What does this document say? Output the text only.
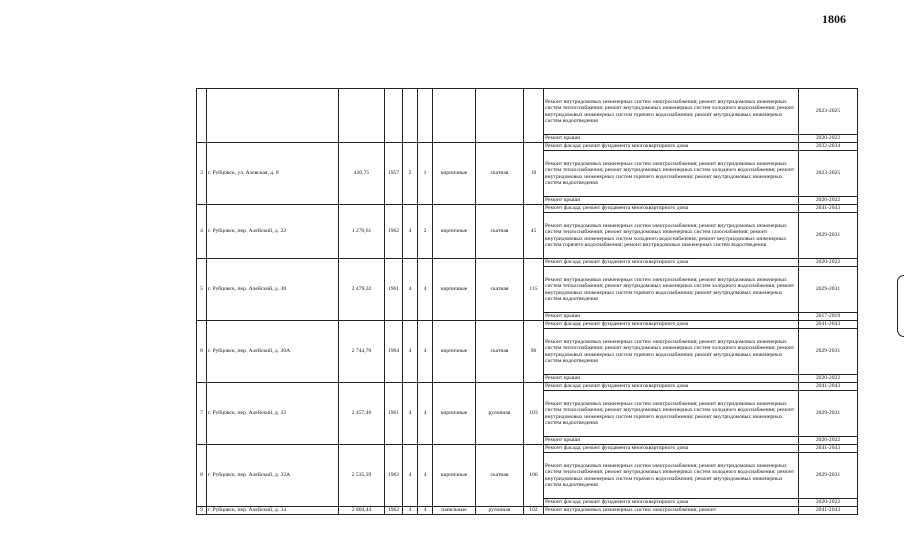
1806
									Ремонт внутридомовых инженерных систем электроснабжения; ремонт внутридомовых инженерных систем теплоснабжения; ремонт внутридомовых инженерных систем холодного водоснабжения; ремонт внутридомовых инженерных систем горячего водоснабжения; ремонт внутридомовых инженерных систем водоотведения	2023-2025
									Ремонт крыши	2020-2022
3	г. Рубцовск, ул. Азовская, д. 8	430,75	1957	2	1	кирпичные	скатная	10	Ремонт фасада; ремонт фундамента многоквартирного дома	2032-2034
									Ремонт внутридомовых инженерных систем электроснабжения; ремонт внутридомовых инженерных систем теплоснабжения; ремонт внутридомовых инженерных систем холодного водоснабжения; ремонт внутридомовых инженерных систем горячего водоснабжения; ремонт внутридомовых инженерных систем водоотведения	2023-2025
									Ремонт крыши	2020-2022
4	г. Рубцовск, пер. Алейский, д. 22	1 270,61	1962	4	2	кирпичные	скатная	45	Ремонт фасада; ремонт фундамента многоквартирного дома	2041-2043
									Ремонт внутридомовых инженерных систем электроснабжения; ремонт внутридомовых инженерных систем теплоснабжения; ремонт внутридомовых инженерных систем газоснабжения; ремонт внутридомовых инженерных систем холодного водоснабжения; ремонт внутридомовых инженерных систем горячего водоснабжения; ремонт внутридомовых инженерных систем водоотведения	2029-2031
5	г. Рубцовск, пер. Алейский, д. 30	2 479,32	1961	4	4	кирпичные	скатная	115	Ремонт фасада; ремонт фундамента многоквартирного дома	2020-2022
									Ремонт внутридомовых инженерных систем электроснабжения; ремонт внутридомовых инженерных систем теплоснабжения; ремонт внутридомовых инженерных систем холодного водоснабжения; ремонт внутридомовых инженерных систем горячего водоснабжения; ремонт внутридомовых инженерных систем водоотведения	2029-2031
									Ремонт крыши	2017-2019
6	г. Рубцовск, пер. Алейский, д. 30А	2 744,70	1964	4	4	кирпичные	скатная	96	Ремонт фасада; ремонт фундамента многоквартирного дома	2041-2043
									Ремонт внутридомовых инженерных систем электроснабжения; ремонт внутридомовых инженерных систем теплоснабжения; ремонт внутридомовых инженерных систем холодного водоснабжения; ремонт внутридомовых инженерных систем горячего водоснабжения; ремонт внутридомовых инженерных систем водоотведения	2029-2031
									Ремонт крыши	2020-2022
7	г. Рубцовск, пер. Алейский, д. 32	2 457,46	1961	4	4	кирпичные	рулонная	103	Ремонт фасада; ремонт фундамента многоквартирного дома	2041-2043
									Ремонт внутридомовых инженерных систем электроснабжения; ремонт внутридомовых инженерных систем теплоснабжения; ремонт внутридомовых инженерных систем холодного водоснабжения; ремонт внутридомовых инженерных систем горячего водоснабжения; ремонт внутридомовых инженерных систем водоотведения	2029-2031
									Ремонт крыши	2020-2022
8	г. Рубцовск, пер. Алейский, д. 32А	2 535,39	1963	4	4	кирпичные	скатная	106	Ремонт фасада; ремонт фундамента многоквартирного дома	2041-2043
									Ремонт внутридомовых инженерных систем электроснабжения; ремонт внутридомовых инженерных систем теплоснабжения; ремонт внутридомовых инженерных систем холодного водоснабжения; ремонт внутридомовых инженерных систем горячего водоснабжения; ремонт внутридомовых инженерных систем водоотведения	2029-2031
									Ремонт фасада; ремонт фундамента многоквартирного дома	2020-2022
9	г. Рубцовск, пер. Алейский, д. 34	2 804,44	1962	4	4	панельные	рулонная	102	Ремонт внутридомовых инженерных систем электроснабжения; ремонт	2041-2043
